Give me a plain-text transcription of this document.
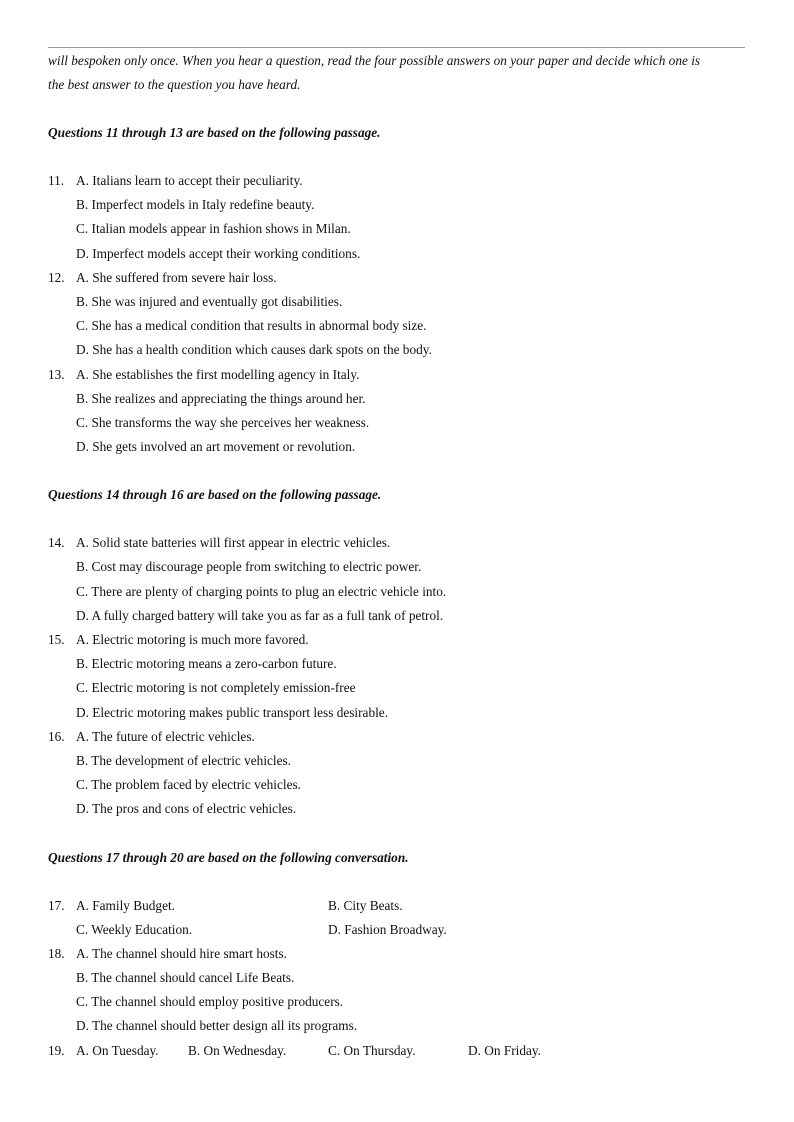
will bespoken only once. When you hear a question, read the four possible answers on your paper and decide which one is

the best answer to the question you have heard.

Questions 11 through 13 are based on the following passage.

11. A. Italians learn to accept their peculiarity.
B. Imperfect models in Italy redefine beauty.
C. Italian models appear in fashion shows in Milan.
D. Imperfect models accept their working conditions.
12. A. She suffered from severe hair loss.
B. She was injured and eventually got disabilities.
C. She has a medical condition that results in abnormal body size.
D. She has a health condition which causes dark spots on the body.
13. A. She establishes the first modelling agency in Italy.
B. She realizes and appreciating the things around her.
C. She transforms the way she perceives her weakness.
D. She gets involved an art movement or revolution.

Questions 14 through 16 are based on the following passage.

14. A. Solid state batteries will first appear in electric vehicles.
B. Cost may discourage people from switching to electric power.
C. There are plenty of charging points to plug an electric vehicle into.
D. A fully charged battery will take you as far as a full tank of petrol.
15. A. Electric motoring is much more favored.
B. Electric motoring means a zero-carbon future.
C. Electric motoring is not completely emission-free
D. Electric motoring makes public transport less desirable.
16. A. The future of electric vehicles.
B. The development of electric vehicles.
C. The problem faced by electric vehicles.
D. The pros and cons of electric vehicles.

Questions 17 through 20 are based on the following conversation.

17. A. Family Budget.	B. City Beats.
C. Weekly Education.	D. Fashion Broadway.
18. A. The channel should hire smart hosts.
B. The channel should cancel Life Beats.
C. The channel should employ positive producers.
D. The channel should better design all its programs.
19. A. On Tuesday. B. On Wednesday.	C. On Thursday.	D. On Friday.
